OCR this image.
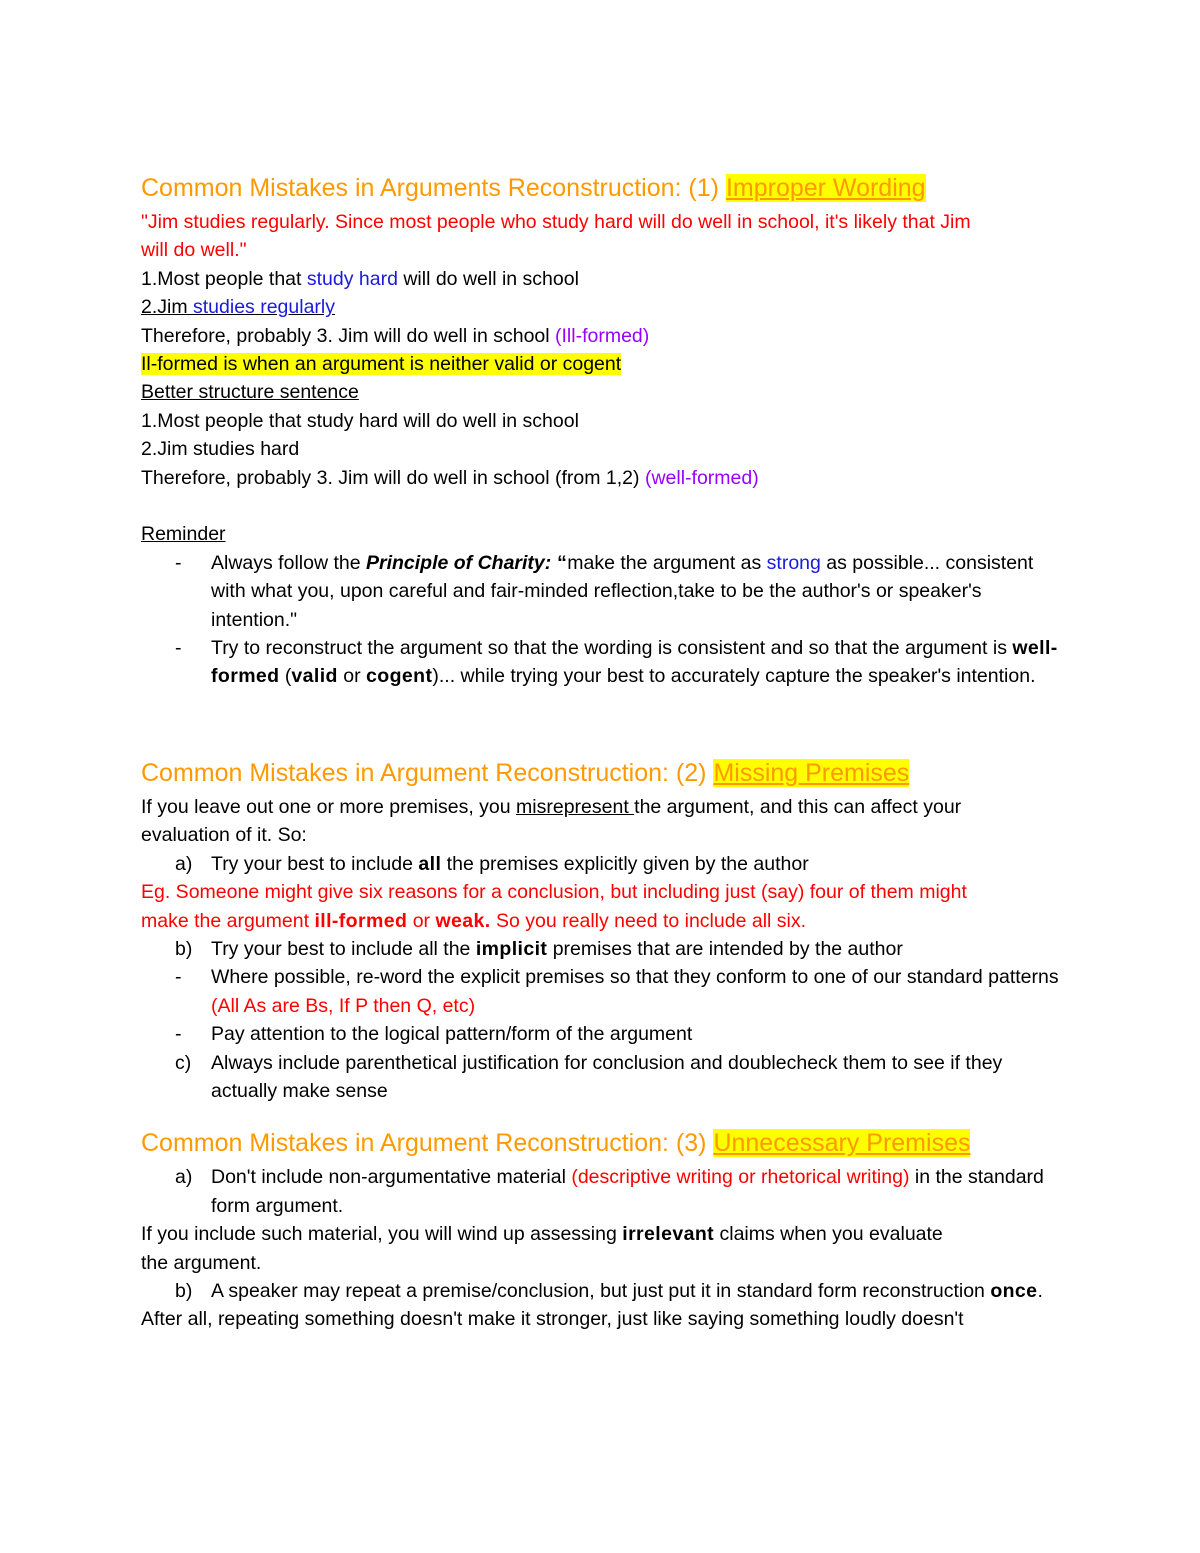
Common Mistakes in Arguments Reconstruction: (1) Improper Wording

"Jim studies regularly. Since most people who study hard will do well in school, it's likely that Jim

will do well."

1.Most people that study hard will do well in school

2.Jim studies regularly

Therefore, probably 3. Jim will do well in school (Ill-formed)

Il-formed is when an argument is neither valid or cogent

Better structure sentence

1.Most people that study hard will do well in school

2.Jim studies hard

Therefore, probably 3. Jim will do well in school (from 1,2) (well-formed)

Reminder

-	Always follow the Principle of Charity: “make the argument as strong as possible... consistent with what you, upon careful and fair-minded reflection,take to be the author's or speaker's intention."
-	Try to reconstruct the argument so that the wording is consistent and so that the argument is well-formed (valid or cogent)... while trying your best to accurately capture the speaker's intention.
Common Mistakes in Argument Reconstruction: (2) Missing Premises

If you leave out one or more premises, you misrepresent the argument, and this can affect your

evaluation of it. So:

a) Try your best to include all the premises explicitly given by the author

Eg. Someone might give six reasons for a conclusion, but including just (say) four of them might

make the argument ill-formed or weak. So you really need to include all six.

b) Try your best to include all the implicit premises that are intended by the author
-	Where possible, re-word the explicit premises so that they conform to one of our standard patterns (All As are Bs, If P then Q, etc)
-	Pay attention to the logical pattern/form of the argument
c)	Always include parenthetical justification for conclusion and doublecheck them to see if they actually make sense
Common Mistakes in Argument Reconstruction: (3) Unnecessary Premises
a) Don't include non-argumentative material (descriptive writing or rhetorical writing) in the standard form argument.

If you include such material, you will wind up assessing irrelevant claims when you evaluate

the argument.

b) A speaker may repeat a premise/conclusion, but just put it in standard form reconstruction once.

After all, repeating something doesn't make it stronger, just like saying something loudly doesn't
